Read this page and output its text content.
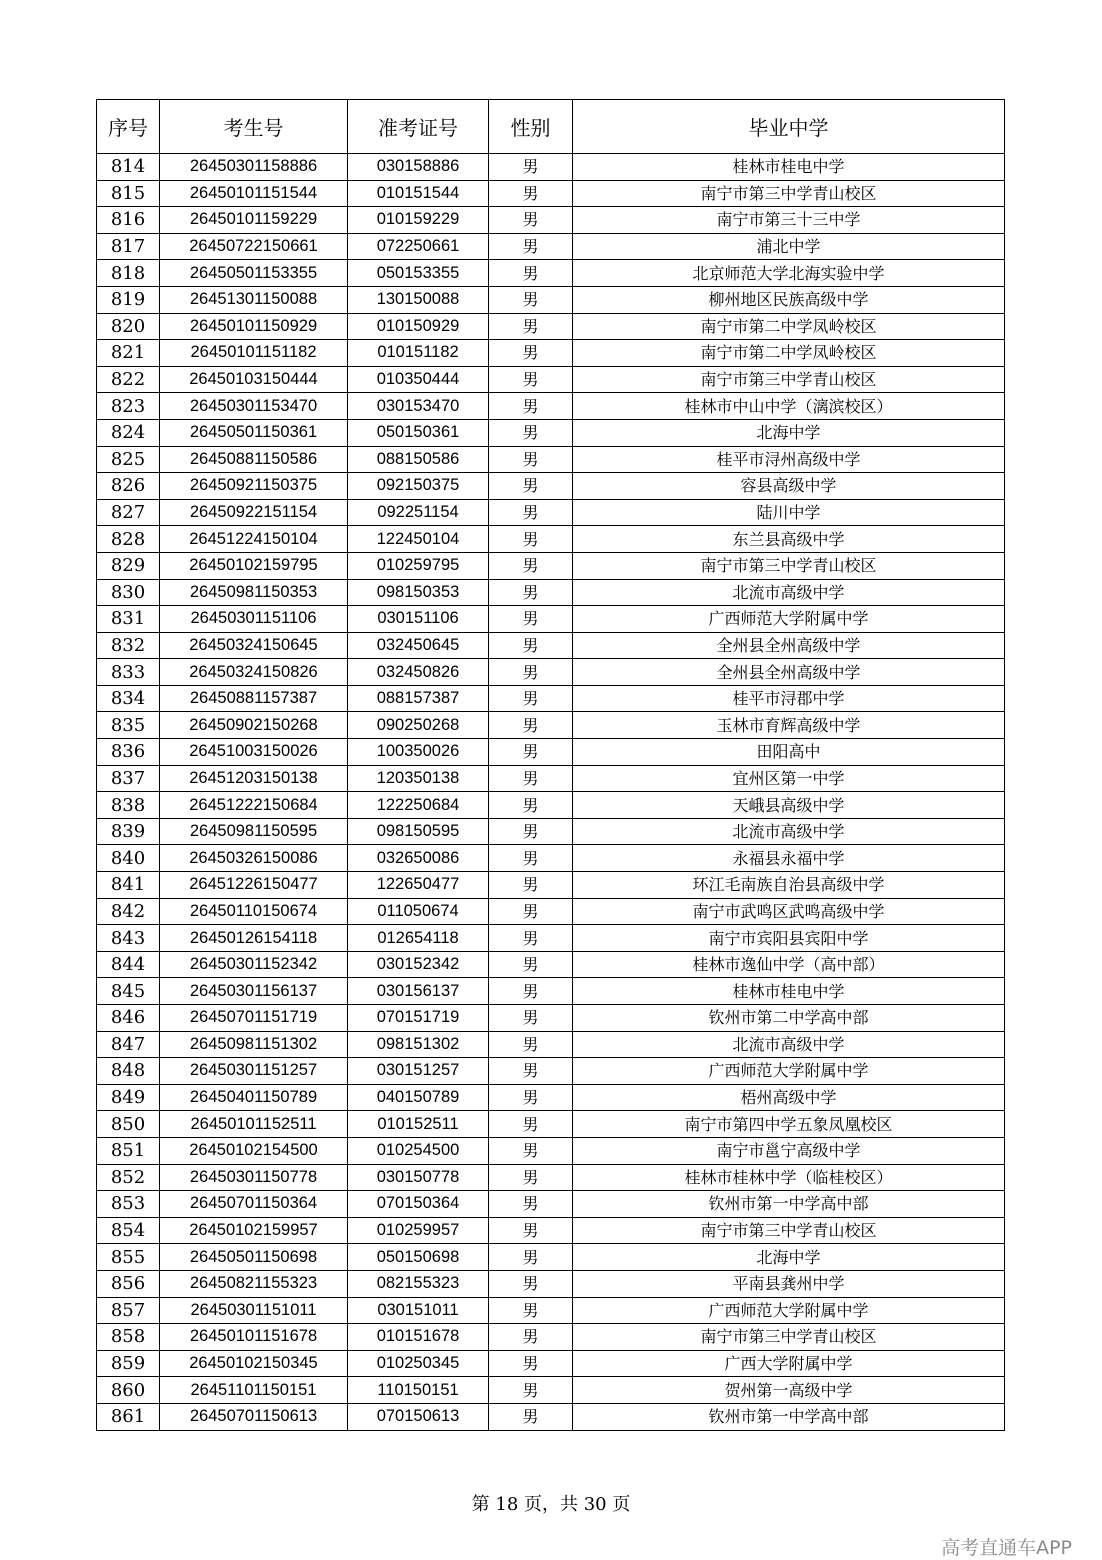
序号	考生号	准考证号	性别	毕业中学
814	26450301158886	030158886	男	桂林市桂电中学
815	26450101151544	010151544	男	南宁市第三中学青山校区
816	26450101159229	010159229	男	南宁市第三十三中学
817	26450722150661	072250661	男	浦北中学
818	26450501153355	050153355	男	北京师范大学北海实验中学
819	26451301150088	130150088	男	柳州地区民族高级中学
820	26450101150929	010150929	男	南宁市第二中学凤岭校区
821	26450101151182	010151182	男	南宁市第二中学凤岭校区
822	26450103150444	010350444	男	南宁市第三中学青山校区
823	26450301153470	030153470	男	桂林市中山中学（漓滨校区）
824	26450501150361	050150361	男	北海中学
825	26450881150586	088150586	男	桂平市浔州高级中学
826	26450921150375	092150375	男	容县高级中学
827	26450922151154	092251154	男	陆川中学
828	26451224150104	122450104	男	东兰县高级中学
829	26450102159795	010259795	男	南宁市第三中学青山校区
830	26450981150353	098150353	男	北流市高级中学
831	26450301151106	030151106	男	广西师范大学附属中学
832	26450324150645	032450645	男	全州县全州高级中学
833	26450324150826	032450826	男	全州县全州高级中学
834	26450881157387	088157387	男	桂平市浔郡中学
835	26450902150268	090250268	男	玉林市育辉高级中学
836	26451003150026	100350026	男	田阳高中
837	26451203150138	120350138	男	宜州区第一中学
838	26451222150684	122250684	男	天峨县高级中学
839	26450981150595	098150595	男	北流市高级中学
840	26450326150086	032650086	男	永福县永福中学
841	26451226150477	122650477	男	环江毛南族自治县高级中学
842	26450110150674	011050674	男	南宁市武鸣区武鸣高级中学
843	26450126154118	012654118	男	南宁市宾阳县宾阳中学
844	26450301152342	030152342	男	桂林市逸仙中学（高中部）
845	26450301156137	030156137	男	桂林市桂电中学
846	26450701151719	070151719	男	钦州市第二中学高中部
847	26450981151302	098151302	男	北流市高级中学
848	26450301151257	030151257	男	广西师范大学附属中学
849	26450401150789	040150789	男	梧州高级中学
850	26450101152511	010152511	男	南宁市第四中学五象凤凰校区
851	26450102154500	010254500	男	南宁市邕宁高级中学
852	26450301150778	030150778	男	桂林市桂林中学（临桂校区）
853	26450701150364	070150364	男	钦州市第一中学高中部
854	26450102159957	010259957	男	南宁市第三中学青山校区
855	26450501150698	050150698	男	北海中学
856	26450821155323	082155323	男	平南县龚州中学
857	26450301151011	030151011	男	广西师范大学附属中学
858	26450101151678	010151678	男	南宁市第三中学青山校区
859	26450102150345	010250345	男	广西大学附属中学
860	26451101150151	110150151	男	贺州第一高级中学
861	26450701150613	070150613	男	钦州市第一中学高中部
第 18 页，共 30 页
高考直通车APP
